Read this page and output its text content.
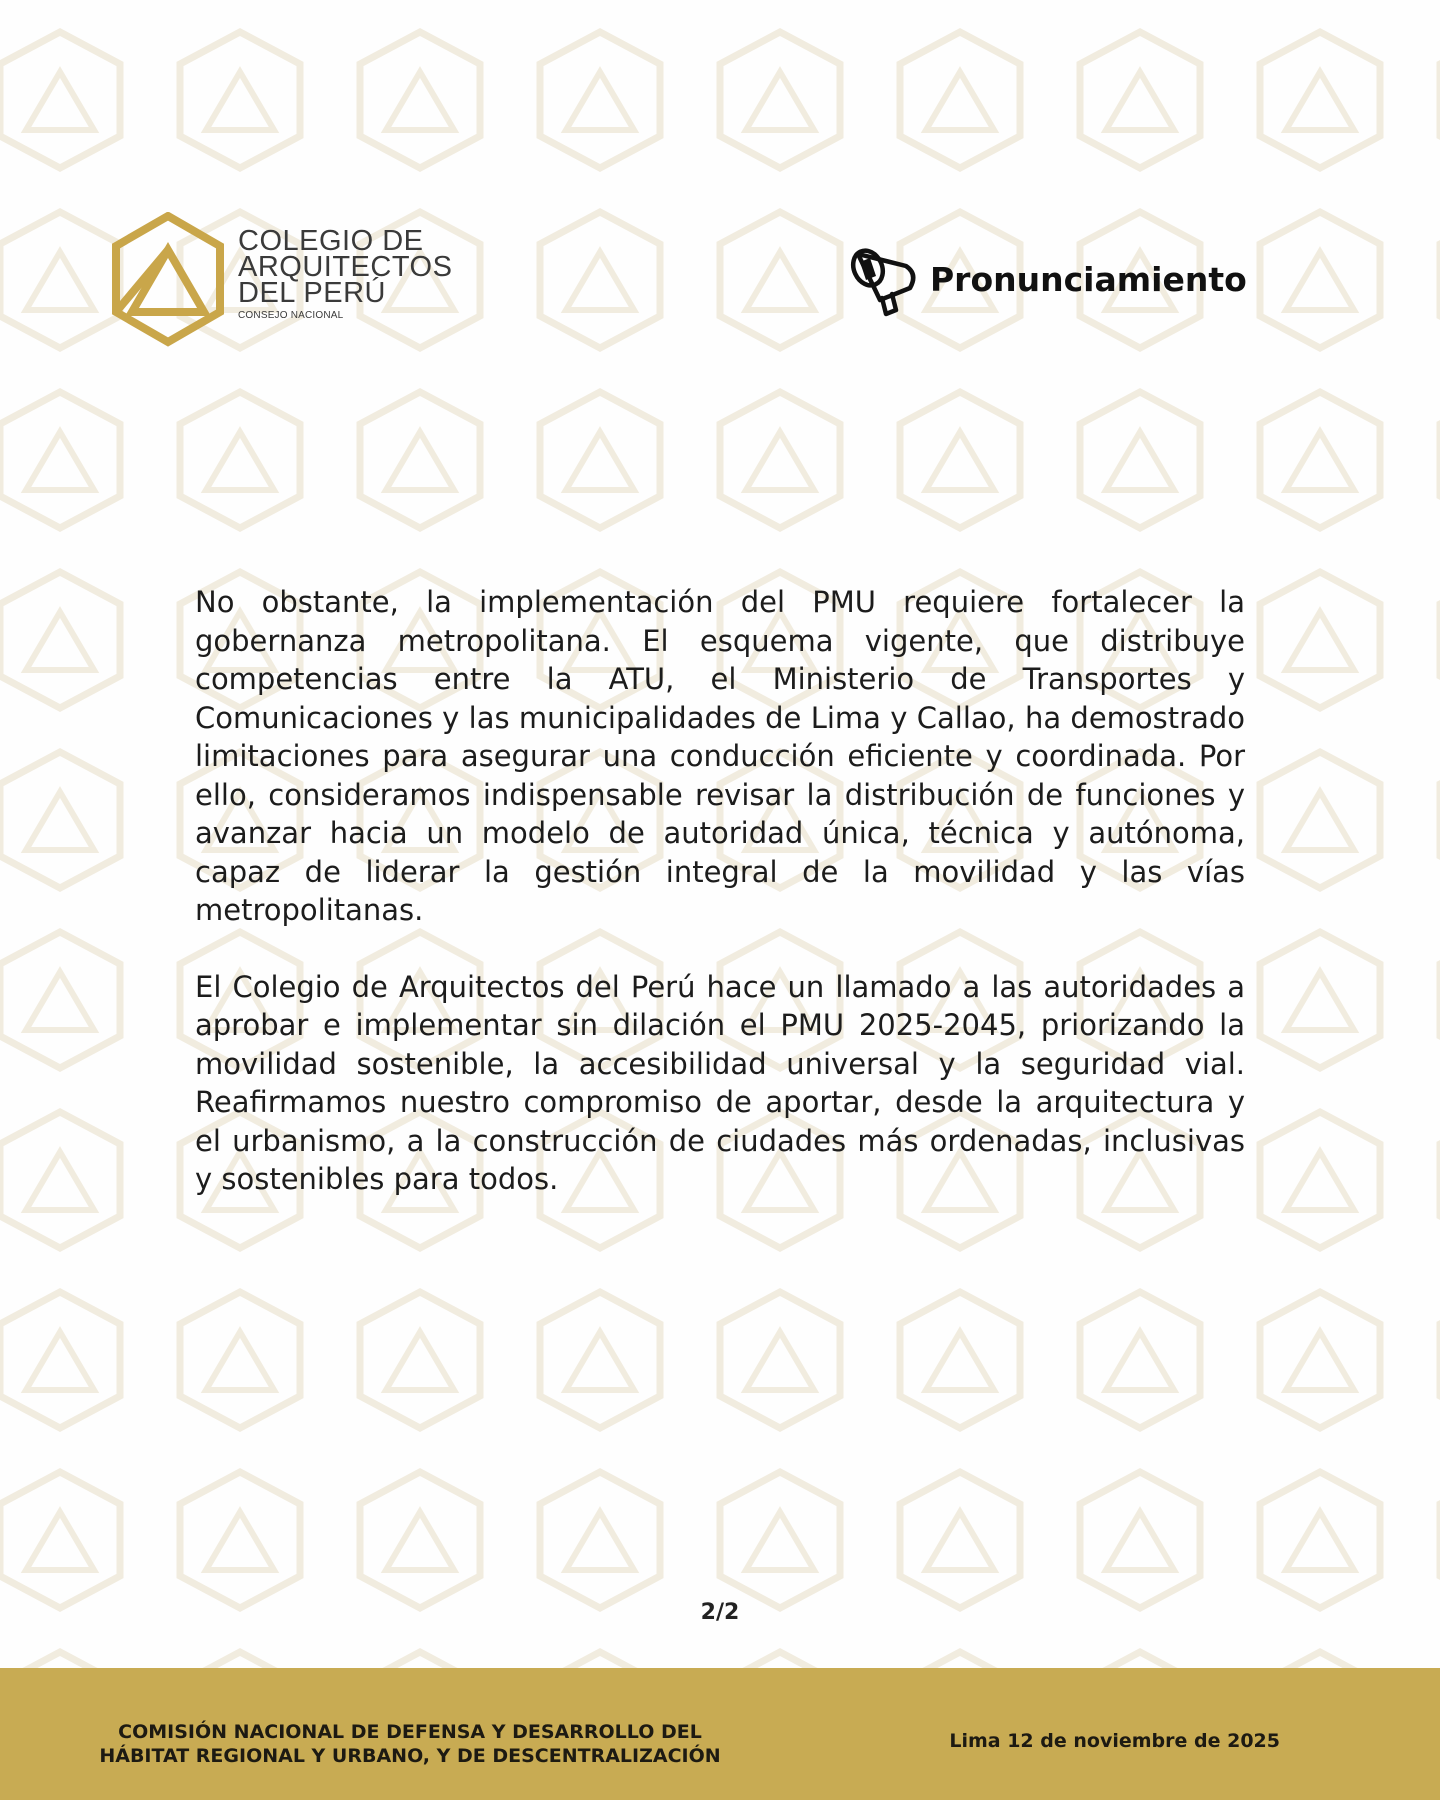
COLEGIO DE
ARQUITECTOS
DEL PERÚ
CONSEJO NACIONAL
Pronunciamiento

No obstante, la implementación del PMU requiere fortalecer la gobernanza metropolitana. El esquema vigente, que distribuye competencias entre la ATU, el Ministerio de Transportes y Comunicaciones y las municipalidades de Lima y Callao, ha demostrado limitaciones para asegurar una conducción eficiente y coordinada. Por ello, consideramos indispensable revisar la distribución de funciones y avanzar hacia un modelo de autoridad única, técnica y autónoma, capaz de liderar la gestión integral de la movilidad y las vías metropolitanas.

El Colegio de Arquitectos del Perú hace un llamado a las autoridades a aprobar e implementar sin dilación el PMU 2025-2045, priorizando la movilidad sostenible, la accesibilidad universal y la seguridad vial. Reafirmamos nuestro compromiso de aportar, desde la arquitectura y el urbanismo, a la construcción de ciudades más ordenadas, inclusivas y sostenibles para todos.

2/2
COMISIÓN NACIONAL DE DEFENSA Y DESARROLLO DEL
HÁBITAT REGIONAL Y URBANO, Y DE DESCENTRALIZACIÓN
Lima 12 de noviembre de 2025
